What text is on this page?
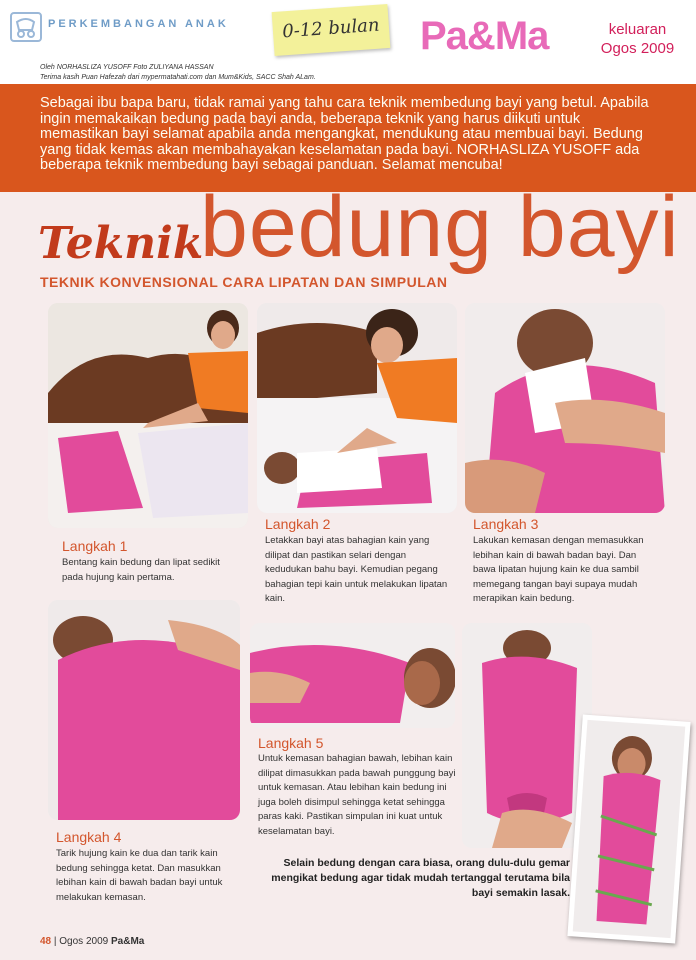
PERKEMBANGAN ANAK	0-12 bulan Pa&Ma	keluaran
Ogos 2009
Oleh NORHASLIZA YUSOFF Foto ZULIYANA HASSAN
Terima kasih Puan Hafezah dari mypermatahati.com dan Mum&Kids, SACC Shah ALam.
Sebagai ibu bapa baru, tidak ramai yang tahu cara teknik membedung bayi yang betul. Apabila ingin memakaikan bedung pada bayi anda, beberapa teknik yang harus diikuti untuk memastikan bayi selamat apabila anda mengangkat, mendukung atau membuai bayi. Bedung yang tidak kemas akan membahayakan keselamatan pada bayi. NORHASLIZA YUSOFF ada beberapa teknik membedung bayi sebagai panduan. Selamat mencuba!
bedung bayi
Teknik
TEKNIK KONVENSIONAL CARA LIPATAN DAN SIMPULAN
Langkah 1
Bentang kain bedung dan lipat sedikit pada hujung kain pertama.
Langkah 2
Letakkan bayi atas bahagian kain yang dilipat dan pastikan selari dengan kedudukan bahu bayi. Kemudian pegang bahagian tepi kain untuk melakukan lipatan kain.
Langkah 3
Lakukan kemasan dengan memasukkan lebihan kain di bawah badan bayi. Dan bawa lipatan hujung kain ke dua sambil memegang tangan bayi supaya mudah merapikan kain bedung.
Langkah 4
Tarik hujung kain ke dua dan tarik kain bedung sehingga ketat. Dan masukkan lebihan kain di bawah badan bayi untuk melakukan kemasan.
Langkah 5
Untuk kemasan bahagian bawah, lebihan kain dilipat dimasukkan pada bawah punggung bayi untuk kemasan. Atau lebihan kain bedung ini juga boleh disimpul sehingga ketat sehingga paras kaki. Pastikan simpulan ini kuat untuk keselamatan bayi.
Selain bedung dengan cara biasa, orang dulu-dulu gemar mengikat bedung agar tidak mudah tertanggal terutama bila bayi semakin lasak.
48 | Ogos 2009 Pa&Ma
